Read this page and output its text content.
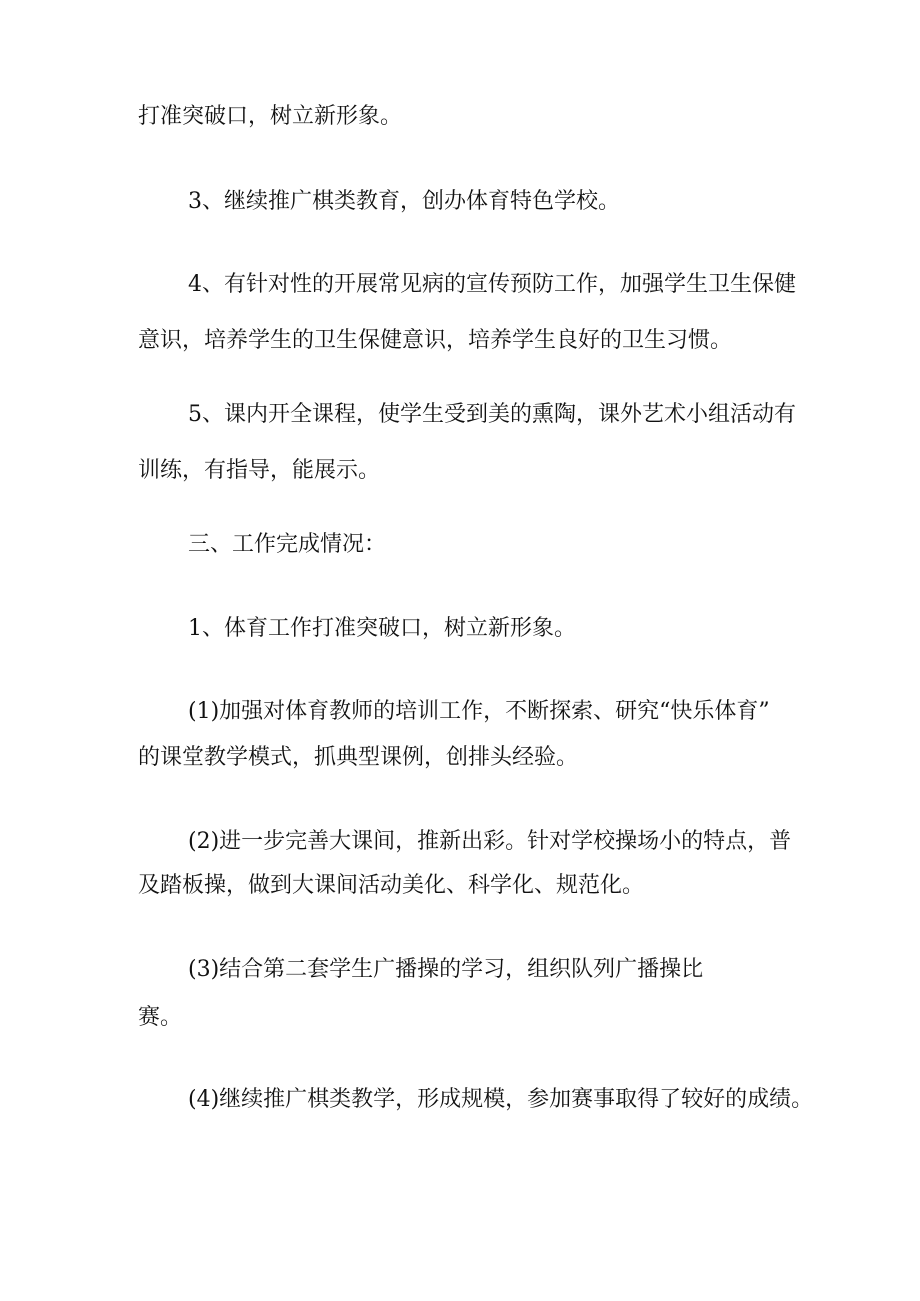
打准突破口，树立新形象。
3、继续推广棋类教育，创办体育特色学校。
4、有针对性的开展常见病的宣传预防工作，加强学生卫生保健
意识，培养学生的卫生保健意识，培养学生良好的卫生习惯。
5、课内开全课程，使学生受到美的熏陶，课外艺术小组活动有
训练，有指导，能展示。
三、工作完成情况：
1、体育工作打准突破口，树立新形象。
(1)加强对体育教师的培训工作，不断探索、研究“快乐体育”
的课堂教学模式，抓典型课例，创排头经验。
(2)进一步完善大课间，推新出彩。针对学校操场小的特点，普
及踏板操，做到大课间活动美化、科学化、规范化。
(3)结合第二套学生广播操的学习，组织队列广播操比
赛。
(4)继续推广棋类教学，形成规模，参加赛事取得了较好的成绩。
